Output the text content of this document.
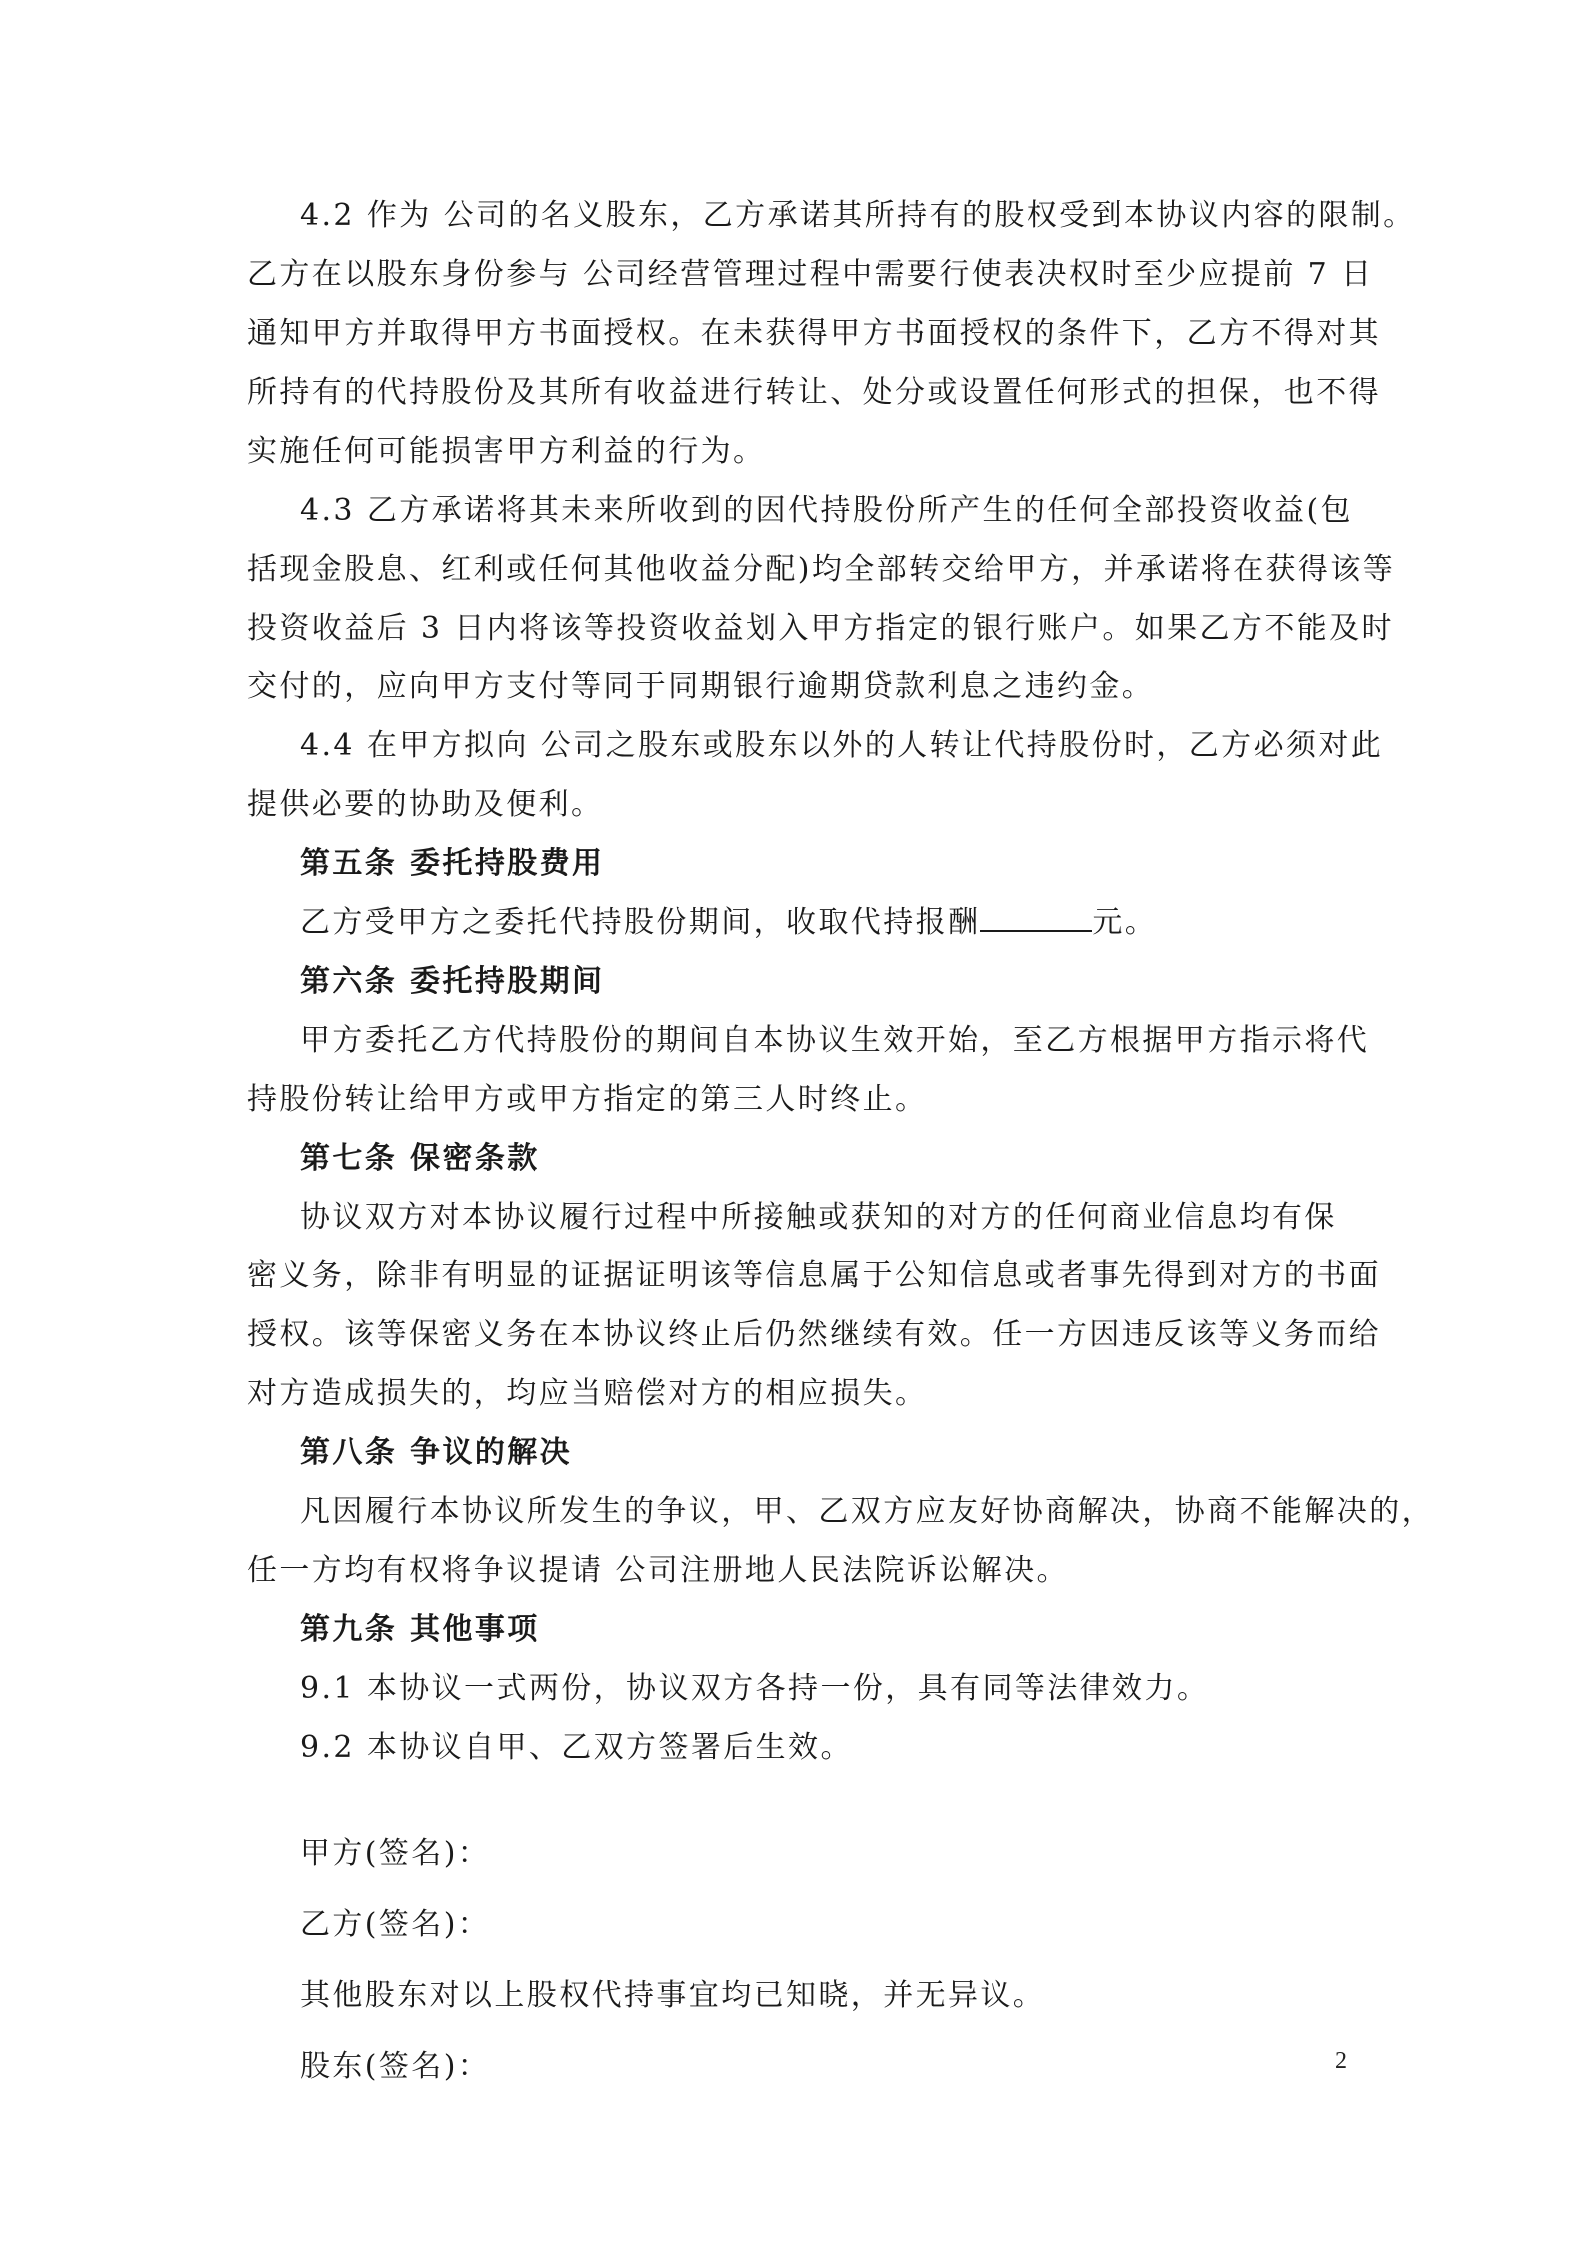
4.2 作为 公司的名义股东，乙方承诺其所持有的股权受到本协议内容的限制。
乙方在以股东身份参与 公司经营管理过程中需要行使表决权时至少应提前 7 日
通知甲方并取得甲方书面授权。在未获得甲方书面授权的条件下，乙方不得对其
所持有的代持股份及其所有收益进行转让、处分或设置任何形式的担保，也不得
实施任何可能损害甲方利益的行为。
4.3 乙方承诺将其未来所收到的因代持股份所产生的任何全部投资收益(包
括现金股息、红利或任何其他收益分配)均全部转交给甲方，并承诺将在获得该等
投资收益后 3 日内将该等投资收益划入甲方指定的银行账户。如果乙方不能及时
交付的，应向甲方支付等同于同期银行逾期贷款利息之违约金。
4.4 在甲方拟向 公司之股东或股东以外的人转让代持股份时，乙方必须对此
提供必要的协助及便利。
第五条 委托持股费用
乙方受甲方之委托代持股份期间，收取代持报酬	元。
第六条 委托持股期间
甲方委托乙方代持股份的期间自本协议生效开始，至乙方根据甲方指示将代
持股份转让给甲方或甲方指定的第三人时终止。
第七条 保密条款
协议双方对本协议履行过程中所接触或获知的对方的任何商业信息均有保
密义务，除非有明显的证据证明该等信息属于公知信息或者事先得到对方的书面
授权。该等保密义务在本协议终止后仍然继续有效。任一方因违反该等义务而给
对方造成损失的，均应当赔偿对方的相应损失。
第八条 争议的解决
凡因履行本协议所发生的争议，甲、乙双方应友好协商解决，协商不能解决的，
任一方均有权将争议提请 公司注册地人民法院诉讼解决。
第九条 其他事项
9.1 本协议一式两份，协议双方各持一份，具有同等法律效力。
9.2 本协议自甲、乙双方签署后生效。
甲方(签名)：
乙方(签名)：
其他股东对以上股权代持事宜均已知晓，并无异议。
股东(签名)：	2
